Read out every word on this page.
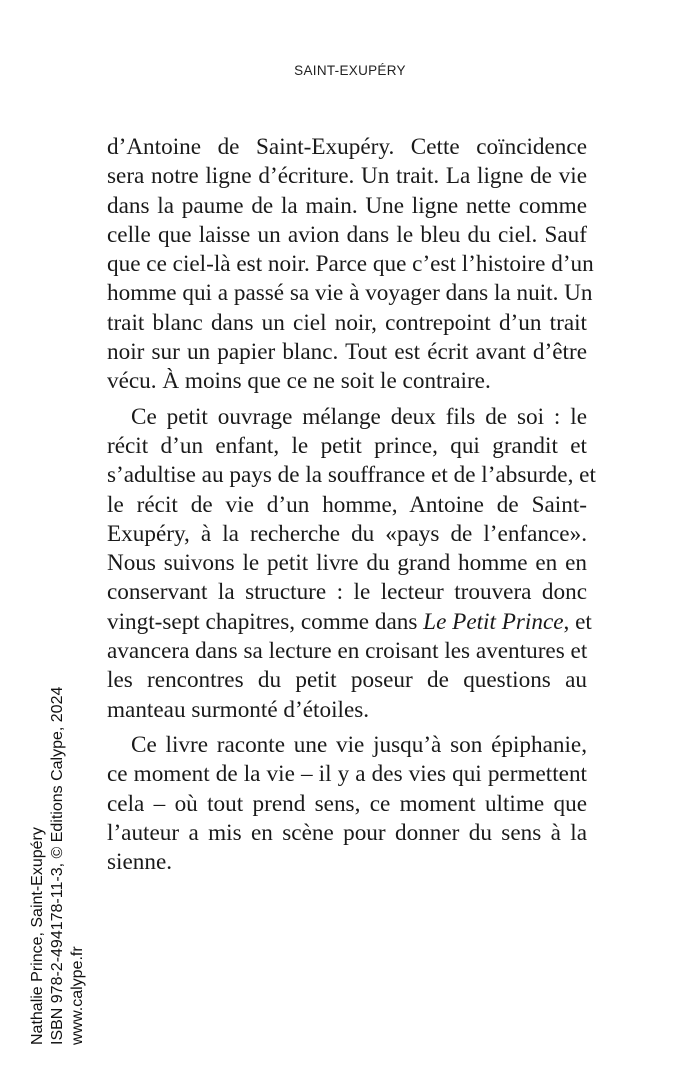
SAINT-EXUPÉRY
d’Antoine de Saint-Exupéry. Cette coïncidence
sera notre ligne d’écriture. Un trait. La ligne de vie
dans la paume de la main. Une ligne nette comme
celle que laisse un avion dans le bleu du ciel. Sauf
que ce ciel-là est noir. Parce que c’est l’histoire d’un
homme qui a passé sa vie à voyager dans la nuit. Un
trait blanc dans un ciel noir, contrepoint d’un trait
noir sur un papier blanc. Tout est écrit avant d’être
vécu. À moins que ce ne soit le contraire.
Ce petit ouvrage mélange deux fils de soi : le
récit d’un enfant, le petit prince, qui grandit et
s’adultise au pays de la souffrance et de l’absurde, et
le récit de vie d’un homme, Antoine de Saint-
Exupéry, à la recherche du «pays de l’enfance».
Nous suivons le petit livre du grand homme en en
conservant la structure : le lecteur trouvera donc
vingt-sept chapitres, comme dans Le Petit Prince, et
avancera dans sa lecture en croisant les aventures et
les rencontres du petit poseur de questions au
manteau surmonté d’étoiles.
Ce livre raconte une vie jusqu’à son épiphanie,
ce moment de la vie – il y a des vies qui permettent
cela – où tout prend sens, ce moment ultime que
l’auteur a mis en scène pour donner du sens à la
sienne.
Nathalie Prince, Saint-Exupéry ISBN 978-2-494178-11-3, © Editions Calype, 2024 www.calype.fr
